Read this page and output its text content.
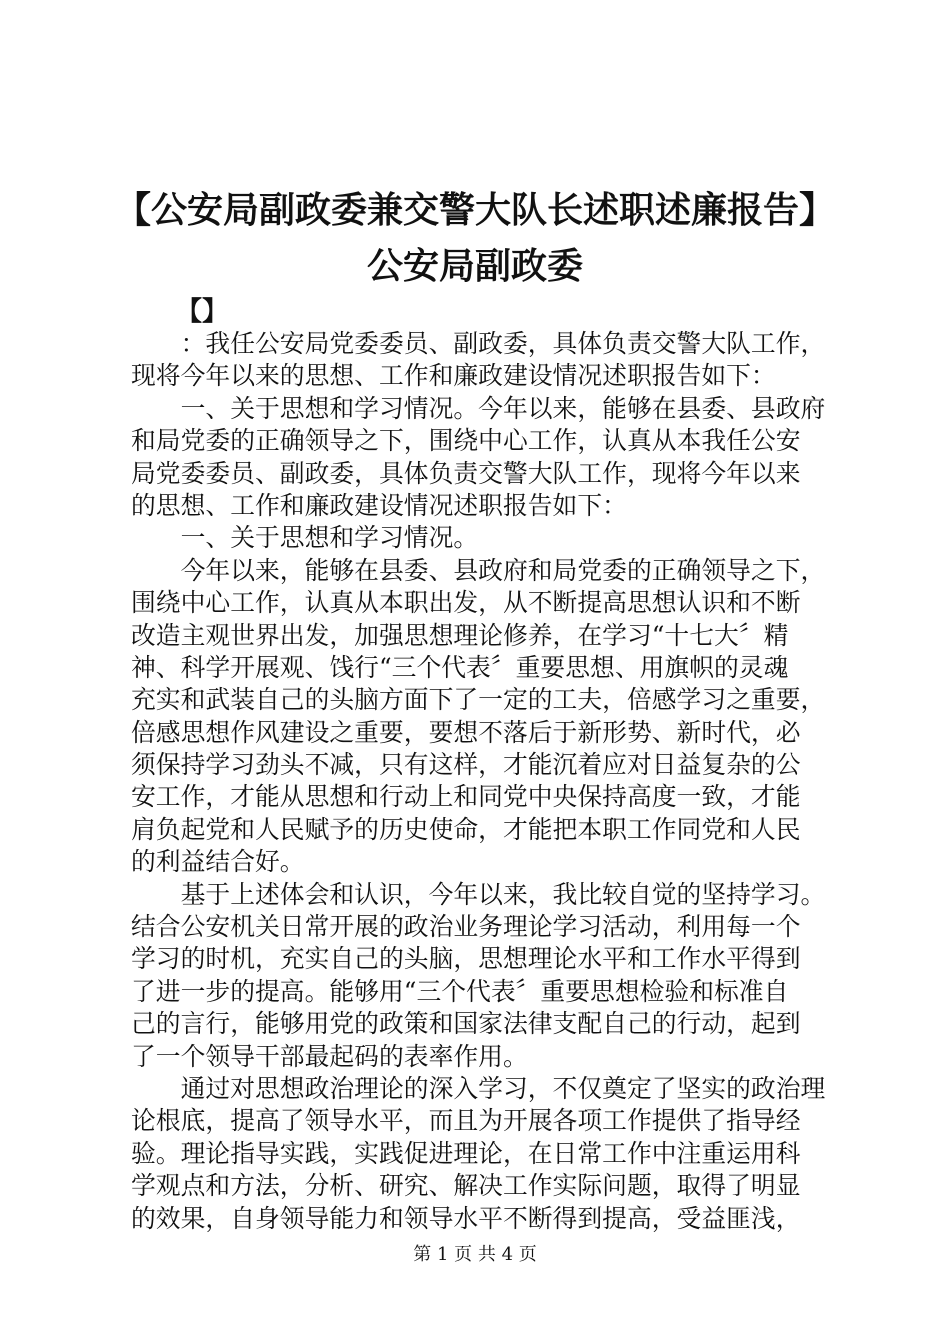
【公安局副政委兼交警大队长述职述廉报告】
公安局副政委
【】
　　：我任公安局党委委员、副政委，具体负责交警大队工作，
现将今年以来的思想、工作和廉政建设情况述职报告如下：
　　一、关于思想和学习情况。今年以来，能够在县委、县政府
和局党委的正确领导之下，围绕中心工作，认真从本我任公安
局党委委员、副政委，具体负责交警大队工作，现将今年以来
的思想、工作和廉政建设情况述职报告如下：
　　一、关于思想和学习情况。
　　今年以来，能够在县委、县政府和局党委的正确领导之下，
围绕中心工作，认真从本职出发，从不断提高思想认识和不断
改造主观世界出发，加强思想理论修养，在学习“十七大〞精
神、科学开展观、饯行“三个代表〞重要思想、用旗帜的灵魂
充实和武装自己的头脑方面下了一定的工夫，倍感学习之重要，
倍感思想作风建设之重要，要想不落后于新形势、新时代，必
须保持学习劲头不减，只有这样，才能沉着应对日益复杂的公
安工作，才能从思想和行动上和同党中央保持高度一致，才能
肩负起党和人民赋予的历史使命，才能把本职工作同党和人民
的利益结合好。
　　基于上述体会和认识，今年以来，我比较自觉的坚持学习。
结合公安机关日常开展的政治业务理论学习活动，利用每一个
学习的时机，充实自己的头脑，思想理论水平和工作水平得到
了进一步的提高。能够用“三个代表〞重要思想检验和标准自
己的言行，能够用党的政策和国家法律支配自己的行动，起到
了一个领导干部最起码的表率作用。
　　通过对思想政治理论的深入学习，不仅奠定了坚实的政治理
论根底，提高了领导水平，而且为开展各项工作提供了指导经
验。理论指导实践，实践促进理论，在日常工作中注重运用科
学观点和方法，分析、研究、解决工作实际问题，取得了明显
的效果，自身领导能力和领导水平不断得到提高，受益匪浅，
第 1 页 共 4 页
